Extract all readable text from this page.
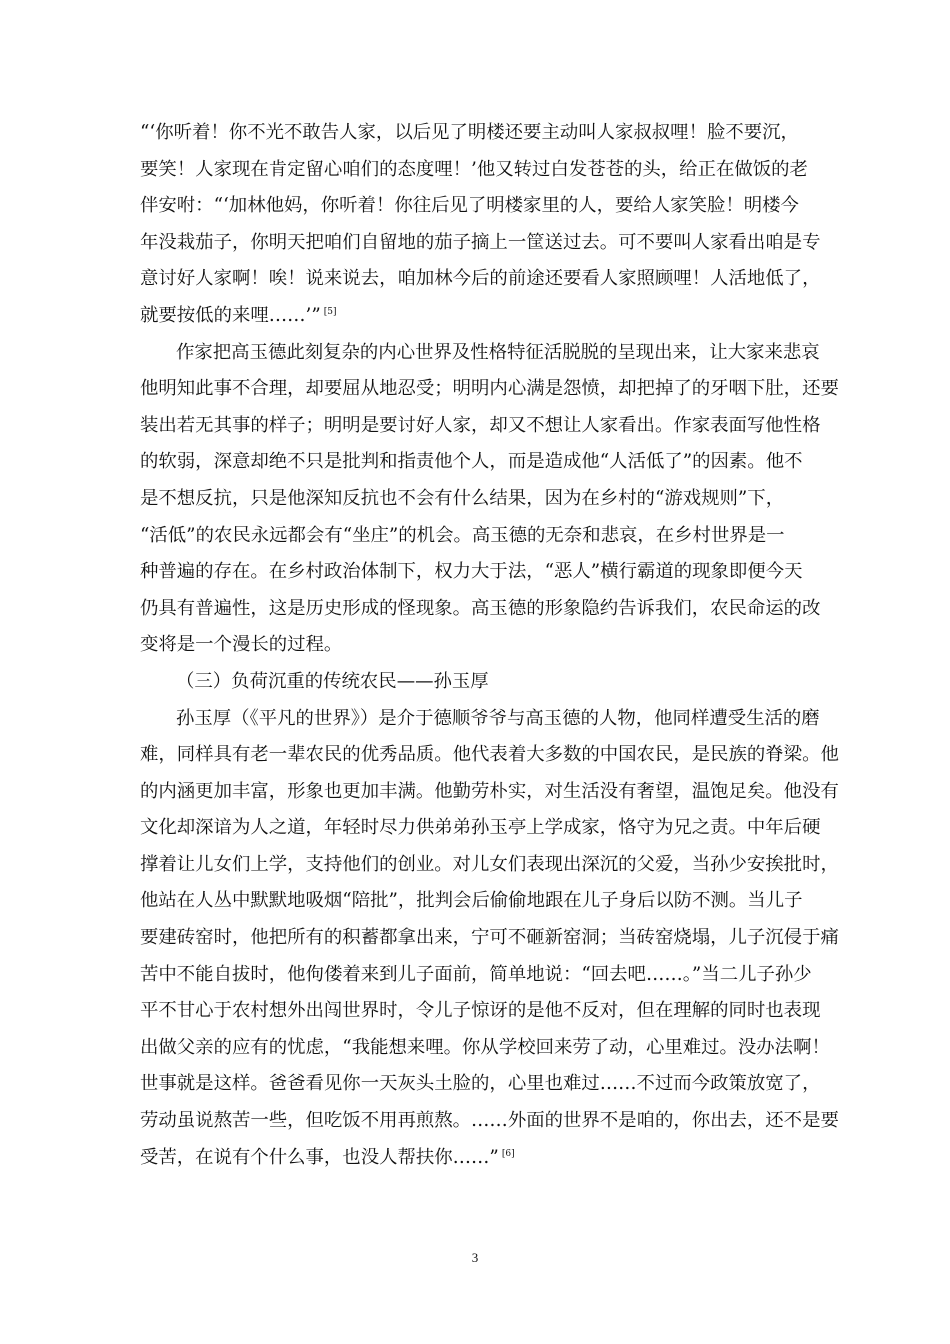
“‘你听着！你不光不敢告人家，以后见了明楼还要主动叫人家叔叔哩！脸不要沉，
要笑！人家现在肯定留心咱们的态度哩！’他又转过白发苍苍的头，给正在做饭的老
伴安咐：“‘加林他妈，你听着！你往后见了明楼家里的人，要给人家笑脸！明楼今
年没栽茄子，你明天把咱们自留地的茄子摘上一筐送过去。可不要叫人家看出咱是专
意讨好人家啊！唉！说来说去，咱加林今后的前途还要看人家照顾哩！人活地低了，
就要按低的来哩……’” [5]
作家把高玉德此刻复杂的内心世界及性格特征活脱脱的呈现出来，让大家来悲哀
他明知此事不合理，却要屈从地忍受；明明内心满是怨愤，却把掉了的牙咽下肚，还要
装出若无其事的样子；明明是要讨好人家，却又不想让人家看出。作家表面写他性格
的软弱，深意却绝不只是批判和指责他个人，而是造成他“人活低了”的因素。他不
是不想反抗，只是他深知反抗也不会有什么结果，因为在乡村的“游戏规则”下，
“活低”的农民永远都会有“坐庄”的机会。高玉德的无奈和悲哀，在乡村世界是一
种普遍的存在。在乡村政治体制下，权力大于法，“恶人”横行霸道的现象即便今天
仍具有普遍性，这是历史形成的怪现象。高玉德的形象隐约告诉我们，农民命运的改
变将是一个漫长的过程。
（三）负荷沉重的传统农民——孙玉厚
孙玉厚（《平凡的世界》）是介于德顺爷爷与高玉德的人物，他同样遭受生活的磨
难，同样具有老一辈农民的优秀品质。他代表着大多数的中国农民，是民族的脊梁。他
的内涵更加丰富，形象也更加丰满。他勤劳朴实，对生活没有奢望，温饱足矣。他没有
文化却深谙为人之道，年轻时尽力供弟弟孙玉亭上学成家，恪守为兄之责。中年后硬
撑着让儿女们上学，支持他们的创业。对儿女们表现出深沉的父爱，当孙少安挨批时，
他站在人丛中默默地吸烟“陪批”，批判会后偷偷地跟在儿子身后以防不测。当儿子
要建砖窑时，他把所有的积蓄都拿出来，宁可不砸新窑洞；当砖窑烧塌，儿子沉侵于痛
苦中不能自拔时，他佝偻着来到儿子面前，简单地说：“回去吧……。”当二儿子孙少
平不甘心于农村想外出闯世界时，令儿子惊讶的是他不反对，但在理解的同时也表现
出做父亲的应有的忧虑，“我能想来哩。你从学校回来劳了动，心里难过。没办法啊！
世事就是这样。爸爸看见你一天灰头土脸的，心里也难过……不过而今政策放宽了，
劳动虽说熬苦一些，但吃饭不用再煎熬。……外面的世界不是咱的，你出去，还不是要
受苦，在说有个什么事，也没人帮扶你……” [6]
3
